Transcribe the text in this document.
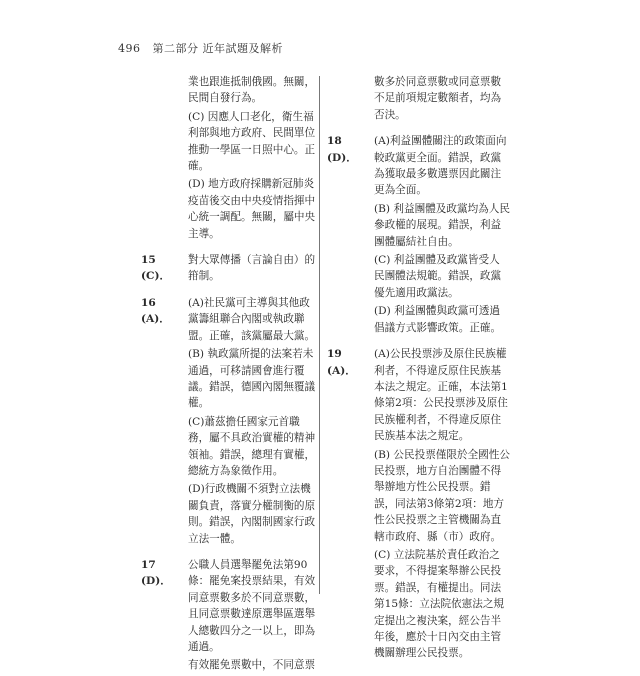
496 第二部分 近年試題及解析

業也跟進抵制俄國。無關，民間自發行為。

(C) 因應人口老化，衛生福利部與地方政府、民間單位推動一學區一日照中心。正確。

(D) 地方政府採購新冠肺炎疫苗後交由中央疫情指揮中心統一調配。無關，屬中央主導。

15 (C)．

對大眾傳播（言論自由）的箝制。

16 (A)．

(A)社民黨可主導與其他政黨籌組聯合內閣或執政聯盟。正確，該黨屬最大黨。

(B) 執政黨所提的法案若未通過，可移請國會進行覆議。錯誤，德國內閣無覆議權。

(C)蕭茲擔任國家元首職務，屬不具政治實權的精神領袖。錯誤，總理有實權，總統方為象徵作用。

(D)行政機關不須對立法機關負責，落實分權制衡的原則。錯誤，內閣制國家行政立法一體。

17 (D)．

公職人員選舉罷免法第90條：罷免案投票結果，有效同意票數多於不同意票數，且同意票數達原選舉區選舉人總數四分之一以上，即為通過。

有效罷免票數中，不同意票

數多於同意票數或同意票數不足前項規定數額者，均為否決。

18 (D)．

(A)利益團體關注的政策面向較政黨更全面。錯誤，政黨為獲取最多數選票因此關注更為全面。

(B) 利益團體及政黨均為人民參政權的展現。錯誤，利益團體屬結社自由。

(C) 利益團體及政黨皆受人民團體法規範。錯誤，政黨優先適用政黨法。

(D) 利益團體與政黨可透過倡議方式影響政策。正確。

19 (A)．

(A)公民投票涉及原住民族權利者，不得違反原住民族基本法之規定。正確，本法第1條第2項：公民投票涉及原住民族權利者，不得違反原住民族基本法之規定。

(B) 公民投票僅限於全國性公民投票，地方自治團體不得舉辦地方性公民投票。錯誤，同法第3條第2項：地方性公民投票之主管機關為直轄市政府、縣（市）政府。

(C) 立法院基於責任政治之要求，不得提案舉辦公民投票。錯誤，有權提出。同法第15條：立法院依憲法之規定提出之複決案，經公告半年後，應於十日內交由主管機關辦理公民投票。
